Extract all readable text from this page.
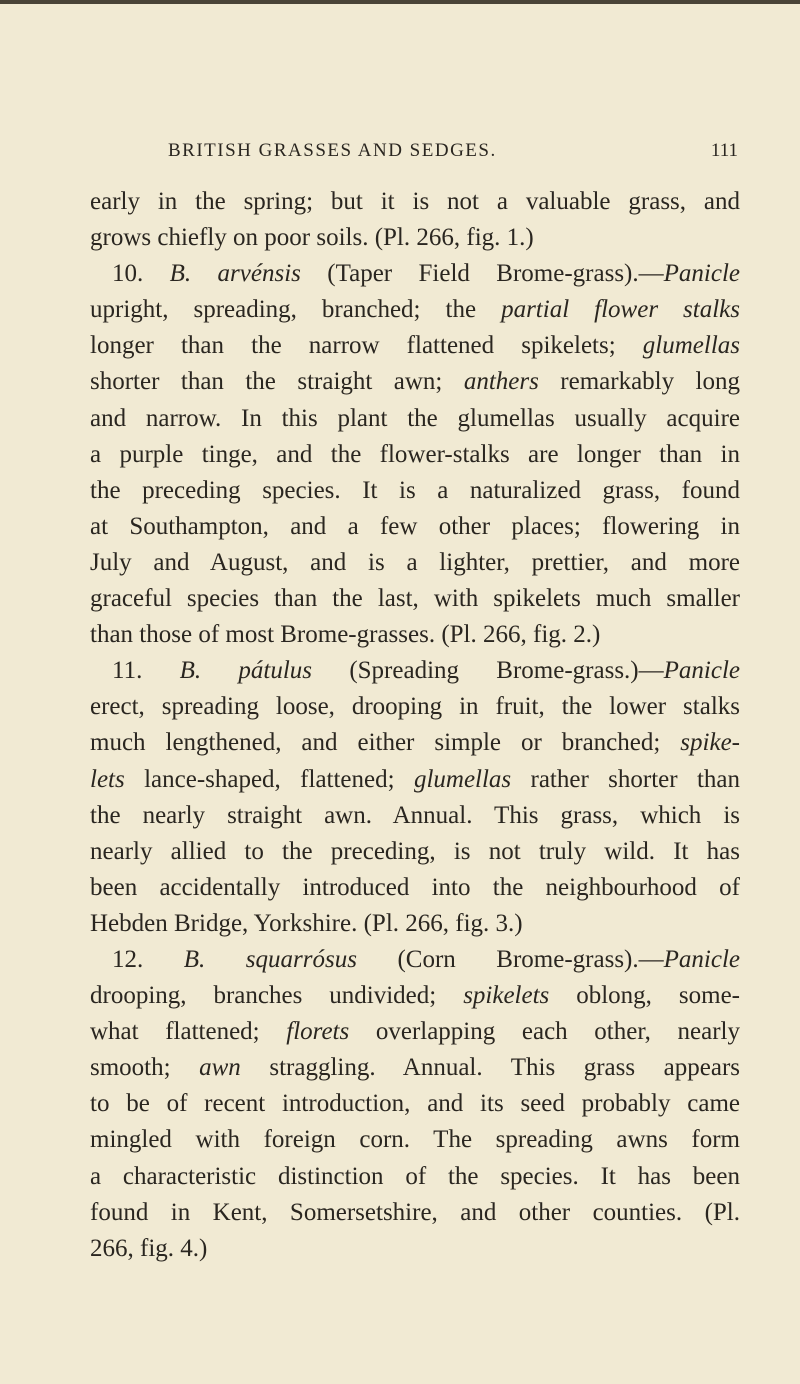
BRITISH GRASSES AND SEDGES.	111
early in the spring; but it is not a valuable grass, and
grows chiefly on poor soils. (Pl. 266, fig. 1.)
10. B. arvénsis (Taper Field Brome-grass).—Panicle
upright, spreading, branched; the partial flower stalks
longer than the narrow flattened spikelets; glumellas
shorter than the straight awn; anthers remarkably long
and narrow. In this plant the glumellas usually acquire
a purple tinge, and the flower-stalks are longer than in
the preceding species. It is a naturalized grass, found
at Southampton, and a few other places; flowering in
July and August, and is a lighter, prettier, and more
graceful species than the last, with spikelets much smaller
than those of most Brome-grasses. (Pl. 266, fig. 2.)
11. B. pátulus (Spreading Brome-grass.)—Panicle
erect, spreading loose, drooping in fruit, the lower stalks
much lengthened, and either simple or branched; spike-
lets lance-shaped, flattened; glumellas rather shorter than
the nearly straight awn. Annual. This grass, which is
nearly allied to the preceding, is not truly wild. It has
been accidentally introduced into the neighbourhood of
Hebden Bridge, Yorkshire. (Pl. 266, fig. 3.)
12. B. squarrósus (Corn Brome-grass).—Panicle
drooping, branches undivided; spikelets oblong, some-
what flattened; florets overlapping each other, nearly
smooth; awn straggling. Annual. This grass appears
to be of recent introduction, and its seed probably came
mingled with foreign corn. The spreading awns form
a characteristic distinction of the species. It has been
found in Kent, Somersetshire, and other counties. (Pl.
266, fig. 4.)
